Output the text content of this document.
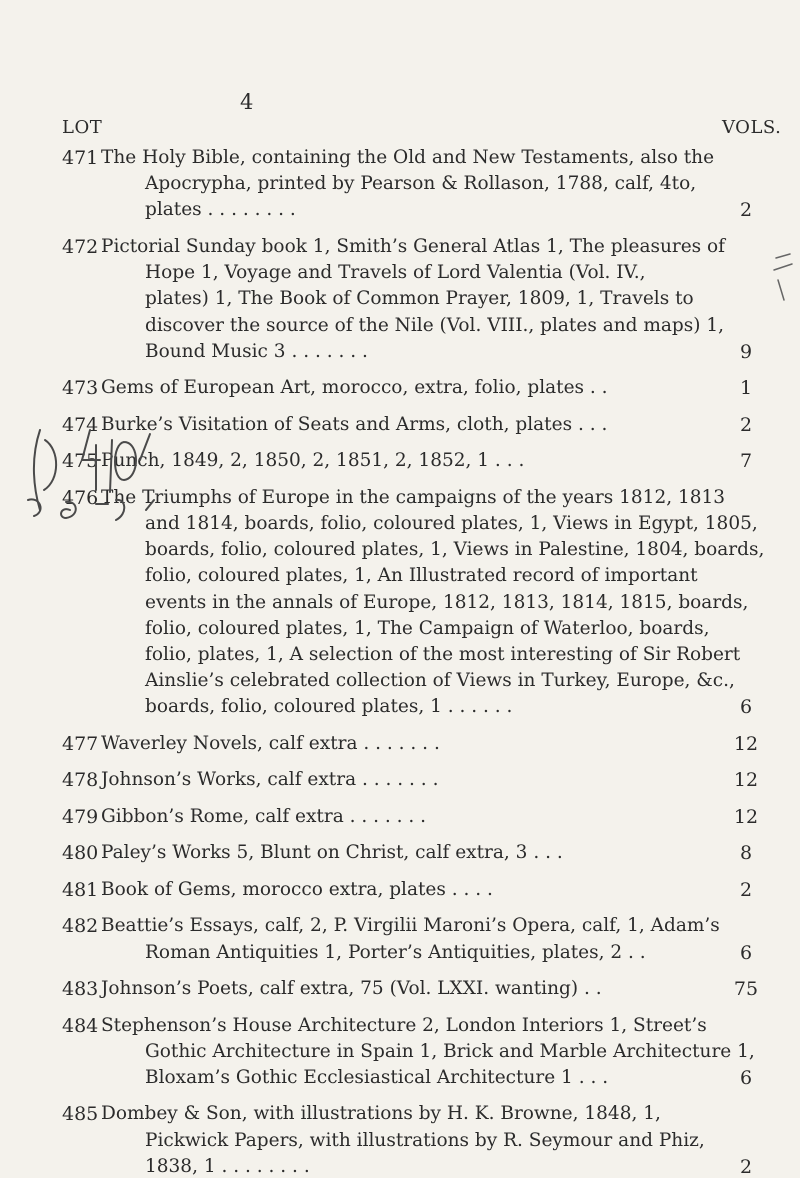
4
LOT	VOLS.
471 The Holy Bible, containing the Old and New Testaments, also the
Apocrypha, printed by Pearson & Rollason, 1788, calf, 4to,
plates . . . . . . . .	2
472 Pictorial Sunday book 1, Smith’s General Atlas 1, The pleasures of
Hope 1, Voyage and Travels of Lord Valentia (Vol. IV.,
plates) 1, The Book of Common Prayer, 1809, 1, Travels to
discover the source of the Nile (Vol. VIII., plates and maps) 1,
Bound Music 3 . . . . . . .	9
473 Gems of European Art, morocco, extra, folio, plates . .	1
474 Burke’s Visitation of Seats and Arms, cloth, plates . . .	2
475 Punch, 1849, 2, 1850, 2, 1851, 2, 1852, 1 . . .	7
476 The Triumphs of Europe in the campaigns of the years 1812, 1813
and 1814, boards, folio, coloured plates, 1, Views in Egypt, 1805,
boards, folio, coloured plates, 1, Views in Palestine, 1804, boards,
folio, coloured plates, 1, An Illustrated record of important
events in the annals of Europe, 1812, 1813, 1814, 1815, boards,
folio, coloured plates, 1, The Campaign of Waterloo, boards,
folio, plates, 1, A selection of the most interesting of Sir Robert
Ainslie’s celebrated collection of Views in Turkey, Europe, &c.,
boards, folio, coloured plates, 1 . . . . . .	6
477 Waverley Novels, calf extra . . . . . . .	12
478 Johnson’s Works, calf extra . . . . . . .	12
479 Gibbon’s Rome, calf extra . . . . . . .	12
480 Paley’s Works 5, Blunt on Christ, calf extra, 3 . . .	8
481 Book of Gems, morocco extra, plates . . . .	2
482 Beattie’s Essays, calf, 2, P. Virgilii Maroni’s Opera, calf, 1, Adam’s
Roman Antiquities 1, Porter’s Antiquities, plates, 2 . .	6
483 Johnson’s Poets, calf extra, 75 (Vol. LXXI. wanting) . .	75
484 Stephenson’s House Architecture 2, London Interiors 1, Street’s
Gothic Architecture in Spain 1, Brick and Marble Architecture 1,
Bloxam’s Gothic Ecclesiastical Architecture 1 . . .	6
485 Dombey & Son, with illustrations by H. K. Browne, 1848, 1,
Pickwick Papers, with illustrations by R. Seymour and Phiz,
1838, 1 . . . . . . . .	2
